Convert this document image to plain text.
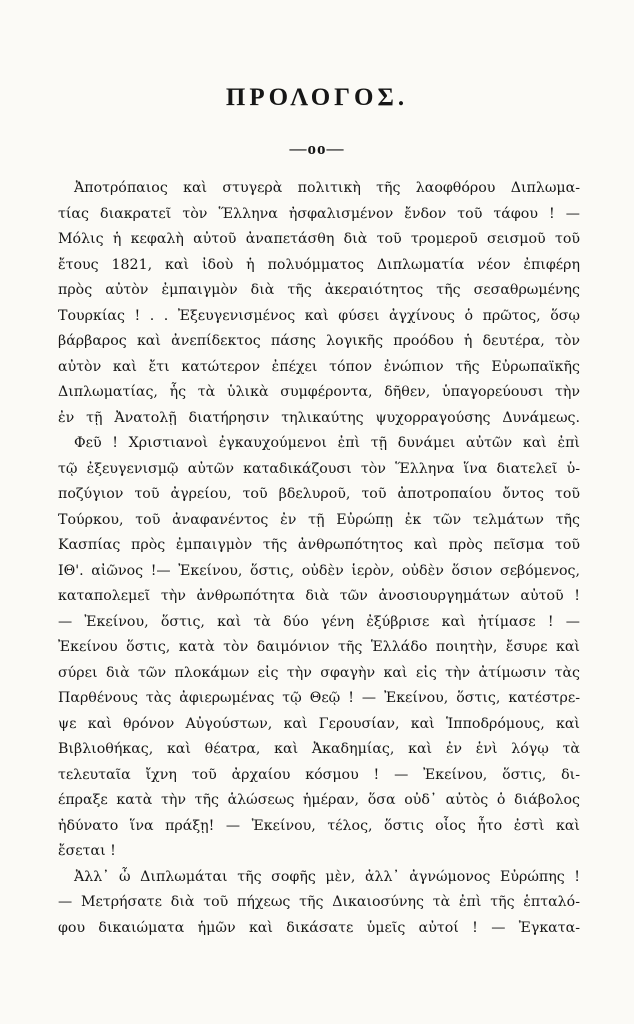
ΠΡΟΛΟΓΟΣ.
—οο—
Ἀποτρόπαιος καὶ στυγερὰ πολιτικὴ τῆς λαοφθόρου Διπλωμα-
τίας διακρατεῖ τὸν Ἕλληνα ἠσφαλισμένον ἔνδον τοῦ τάφου ! —
Μόλις ἡ κεφαλὴ αὐτοῦ ἀναπετάσθη διὰ τοῦ τρομεροῦ σεισμοῦ τοῦ
ἔτους 1821, καὶ ἰδοὺ ἡ πολυόμματος Διπλωματία νέον ἐπιφέρη
πρὸς αὐτὸν ἐμπαιγμὸν διὰ τῆς ἀκεραιότητος τῆς σεσαθρωμένης
Τουρκίας ! . . Ἐξευγενισμένος καὶ φύσει ἀγχίνους ὁ πρῶτος, ὅσῳ
βάρβαρος καὶ ἀνεπίδεκτος πάσης λογικῆς προόδου ἡ δευτέρα, τὸν
αὐτὸν καὶ ἔτι κατώτερον ἐπέχει τόπον ἐνώπιον τῆς Εὐρωπαϊκῆς
Διπλωματίας, ἧς τὰ ὑλικὰ συμφέροντα, δῆθεν, ὑπαγορεύουσι τὴν
ἐν τῇ Ἀνατολῇ διατήρησιν τηλικαύτης ψυχορραγούσης Δυνάμεως.
Φεῦ ! Χριστιανοὶ ἐγκαυχούμενοι ἐπὶ τῇ δυνάμει αὐτῶν καὶ ἐπὶ
τῷ ἐξευγενισμῷ αὐτῶν καταδικάζουσι τὸν Ἕλληνα ἵνα διατελεῖ ὑ-
ποζύγιον τοῦ ἀγρείου, τοῦ βδελυροῦ, τοῦ ἀποτροπαίου ὄντος τοῦ
Τούρκου, τοῦ ἀναφανέντος ἐν τῇ Εὐρώπῃ ἐκ τῶν τελμάτων τῆς
Κασπίας πρὸς ἐμπαιγμὸν τῆς ἀνθρωπότητος καὶ πρὸς πεῖσμα τοῦ
ΙΘ'. αἰῶνος !— Ἐκείνου, ὅστις, οὐδὲν ἱερὸν, οὐδὲν ὅσιον σεβόμενος,
καταπολεμεῖ τὴν ἀνθρωπότητα διὰ τῶν ἀνοσιουργημάτων αὐτοῦ !
— Ἐκείνου, ὅστις, καὶ τὰ δύο γένη ἐξύβρισε καὶ ἠτίμασε ! —
Ἐκείνου ὅστις, κατὰ τὸν δαιμόνιον τῆς Ἑλλάδο ποιητὴν, ἔσυρε καὶ
σύρει διὰ τῶν πλοκάμων εἰς τὴν σφαγὴν καὶ εἰς τὴν ἀτίμωσιν τὰς
Παρθένους τὰς ἀφιερωμένας τῷ Θεῷ ! — Ἐκείνου, ὅστις, κατέστρε-
ψε καὶ θρόνον Αὐγούστων, καὶ Γερουσίαν, καὶ Ἱπποδρόμους, καὶ
Βιβλιοθήκας, καὶ θέατρα, καὶ Ἀκαδημίας, καὶ ἐν ἑνὶ λόγῳ τὰ
τελευταῖα ἴχνη τοῦ ἀρχαίου κόσμου ! — Ἐκείνου, ὅστις, δι-
έπραξε κατὰ τὴν τῆς ἁλώσεως ἡμέραν, ὅσα οὐδ᾽ αὐτὸς ὁ διάβολος
ἠδύνατο ἵνα πράξῃ! — Ἐκείνου, τέλος, ὅστις οἷος ἦτο ἐστὶ καὶ
ἔσεται !
Ἀλλ᾽ ὦ Διπλωμάται τῆς σοφῆς μὲν, ἀλλ᾽ ἀγνώμονος Εὐρώπης !
— Μετρήσατε διὰ τοῦ πήχεως τῆς Δικαιοσύνης τὰ ἐπὶ τῆς ἑπταλό-
φου δικαιώματα ἡμῶν καὶ δικάσατε ὑμεῖς αὐτοί ! — Ἐγκατα-
